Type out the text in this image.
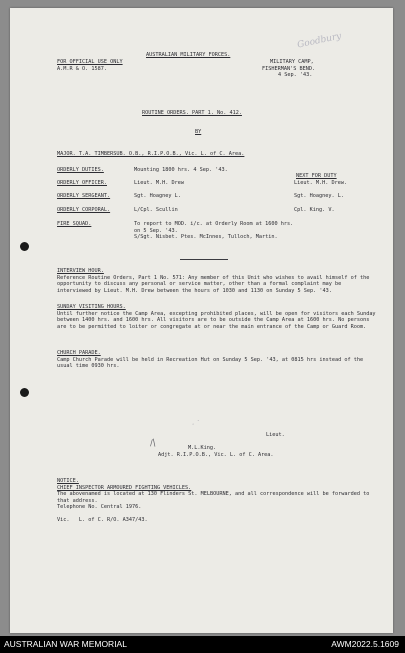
Goodbury
AUSTRALIAN MILITARY FORCES.
FOR OFFICIAL USE ONLY
A.M.R & O. 1587.
MILITARY CAMP,
FISHERMAN'S BEND.
4 Sep. '43.
ROUTINE ORDERS. PART 1. No. 412.
BY
MAJOR. T.A. TIMBERSUB. O.B., R.I.P.O.B., Vic. L. of C. Area.
NEXT FOR DUTY
ORDERLY DUTIES.	Mounting 1800 hrs. 4 Sep. '43.
ORDERLY OFFICER.	Lieut. M.H. Drew	Lieut. M.H. Drew.
ORDERLY SERGEANT.	Sgt. Hoagney L.	Sgt. Hoagney. L.
ORDERLY CORPORAL.	L/Cpl. Scullin	Cpl. King. V.
FIRE SQUAD.	To report to MOD. i/c. at Orderly Room at 1600 hrs.
on 5 Sep. '43.
S/Sgt. Nisbet. Ptes. McInnes, Tulloch, Martin.
INTERVIEW HOUR.
Reference Routine Orders, Part 1 No. 571: Any member of this Unit who wishes to avail himself of the opportunity to discuss any personal or service matter, other than a formal complaint may be interviewed by Lieut. M.H. Drew between the hours of 1030 and 1130 on Sunday 5 Sep. '43.
SUNDAY VISITING HOURS.
Until further notice the Camp Area, excepting prohibited places, will be open for visitors each Sunday between 1400 hrs. and 1600 hrs. All visitors are to be outside the Camp Area at 1600 hrs. No persons are to be permitted to loiter or congregate at or near the main entrance of the Camp or Guard Room.
CHURCH PARADE.
Camp Church Parade will be held in Recreation Hut on Sunday 5 Sep. '43, at 0815 hrs instead of the usual time 0930 hrs.
· ˙
Lieut.
/|
M.L.King.
Adjt. R.I.P.O.B., Vic. L. of C. Area.
NOTICE.
CHIEF INSPECTOR ARMOURED FIGHTING VEHICLES.
The abovenamed is located at 130 Flinders St. MELBOURNE, and all correspondence will be forwarded to that address.
Telephone No. Central 1976.
Vic.   L. of C. R/O. A347/43.
AUSTRALIAN WAR MEMORIAL	AWM2022.5.1609
